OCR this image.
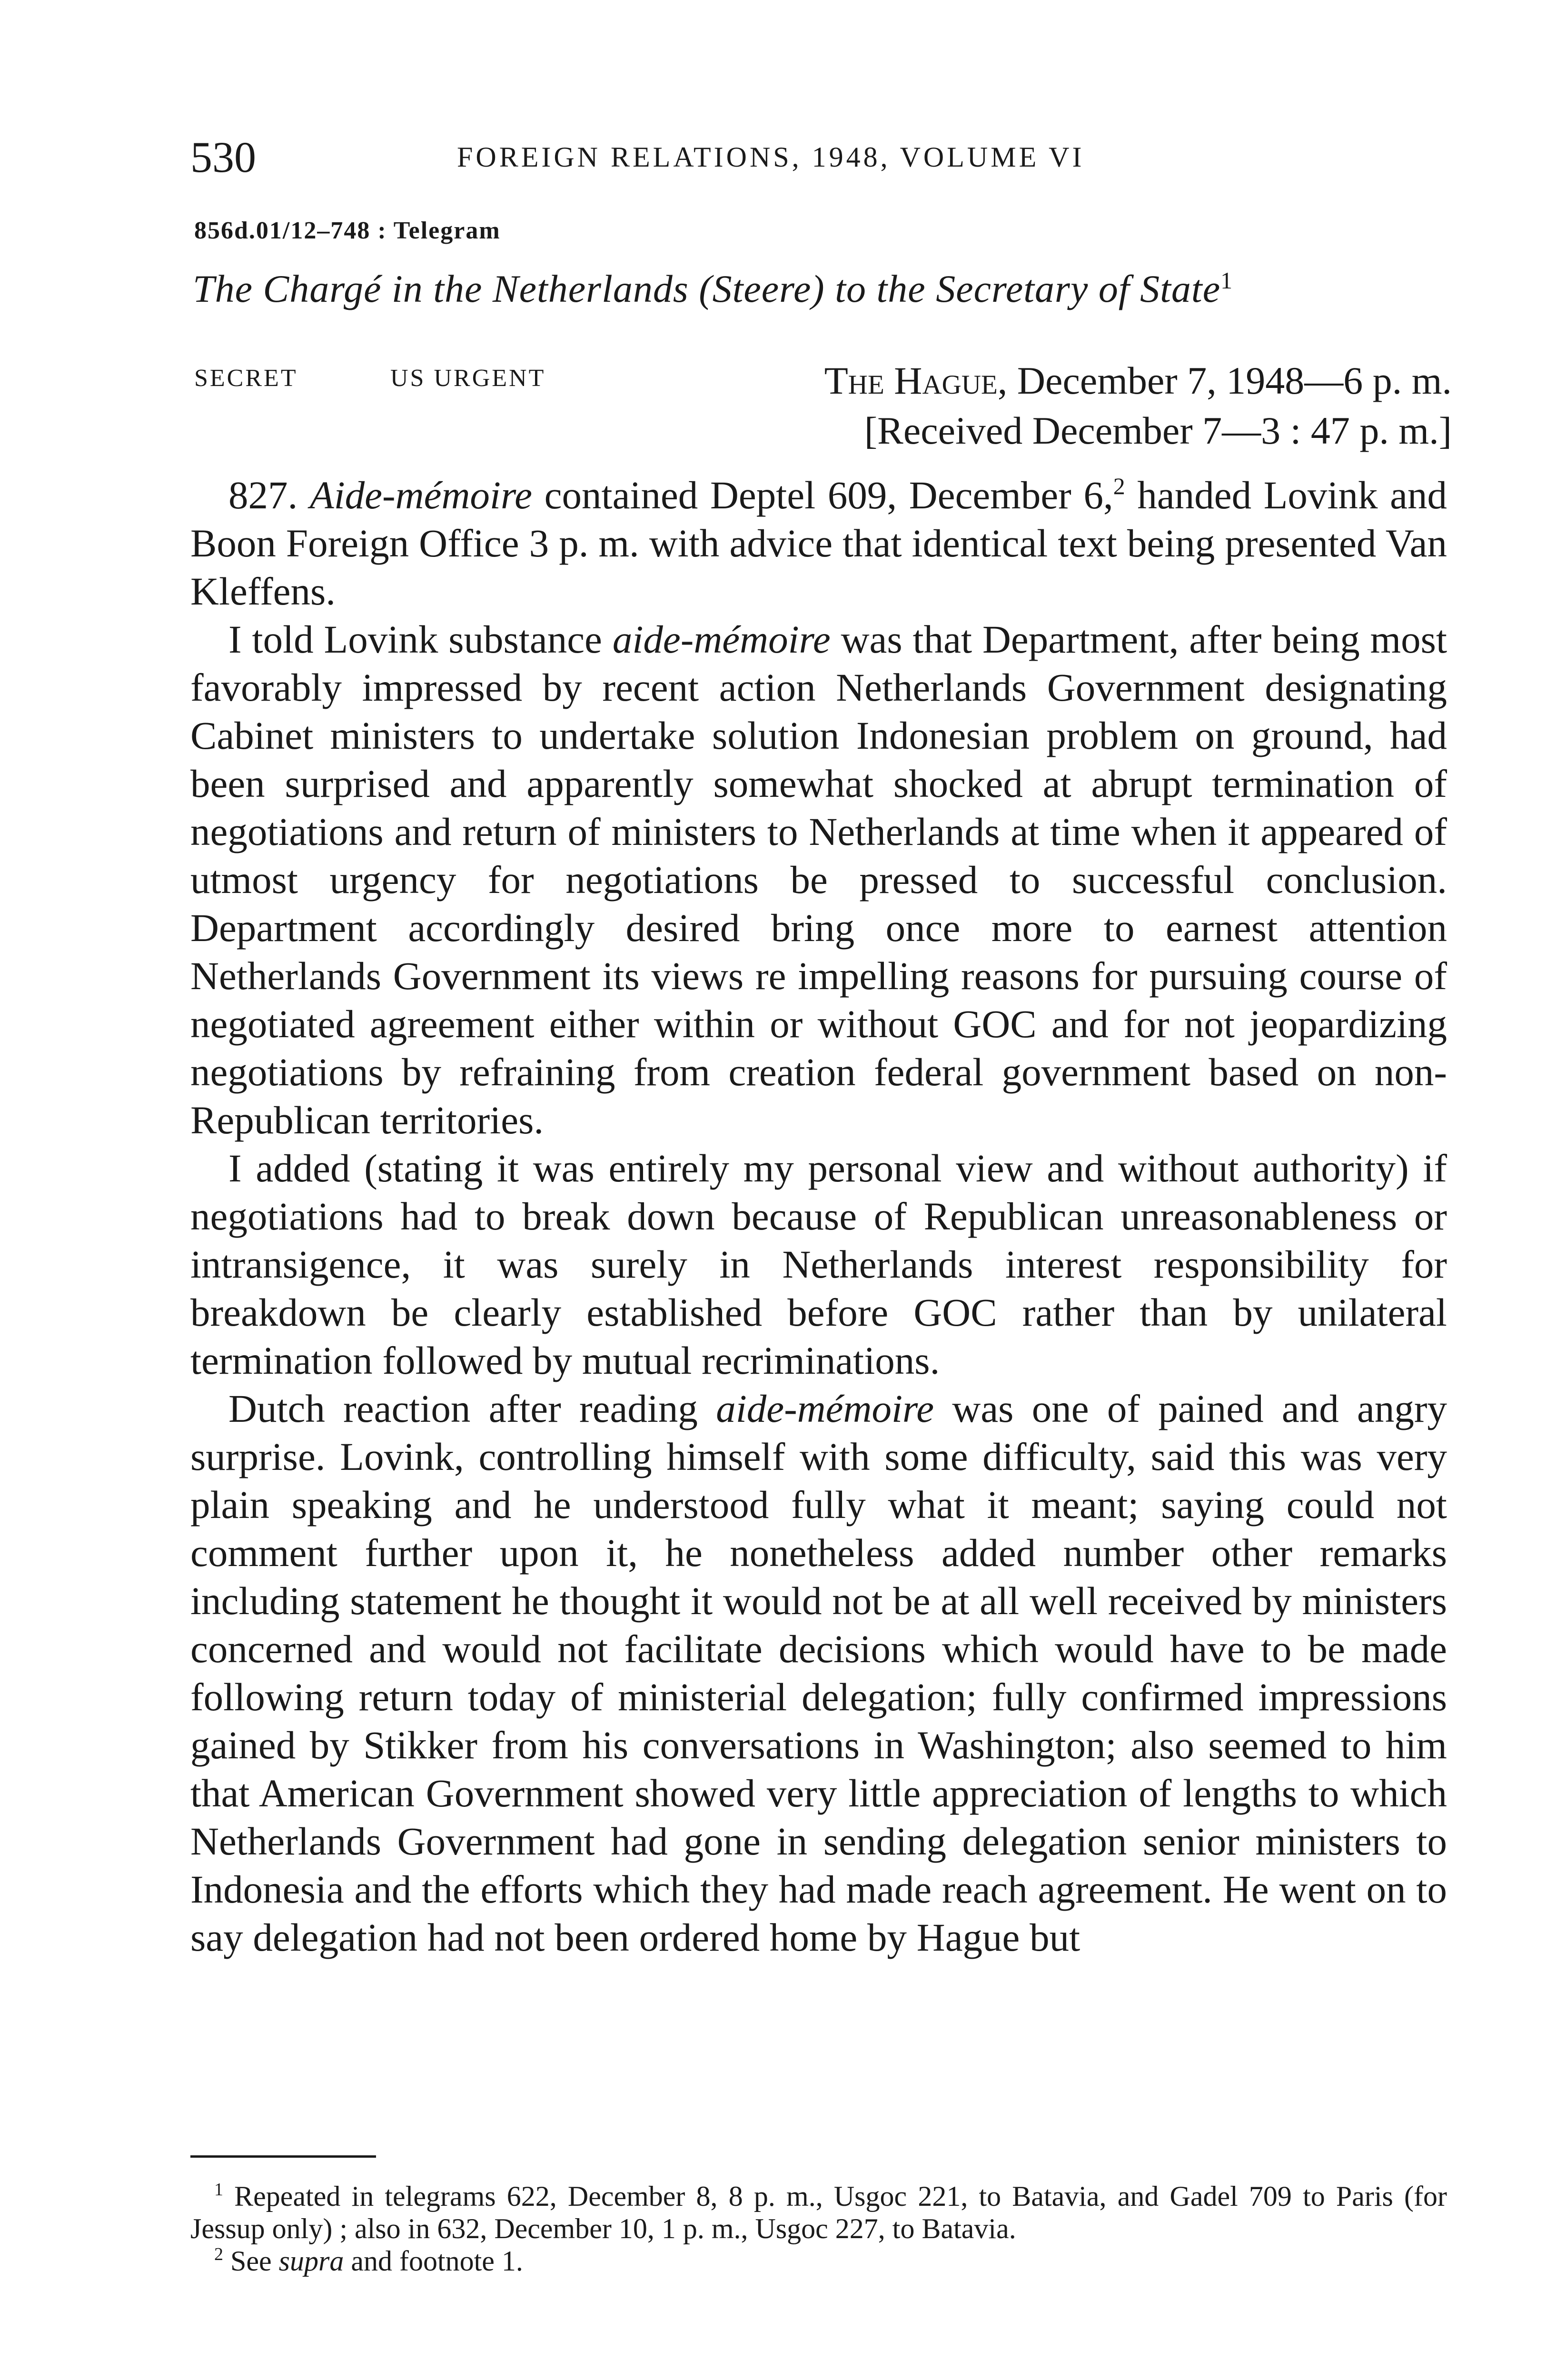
530	FOREIGN RELATIONS, 1948, VOLUME VI
856d.01/12–748 : Telegram
The Chargé in the Netherlands (Steere) to the Secretary of State$^1$
SECRET	US URGENT	The Hague, December 7, 1948—6 p. m.
[Received December 7—3 : 47 p. m.]

827. Aide-mémoire contained Deptel 609, December 6,$^2$ handed Lovink and Boon Foreign Office 3 p. m. with advice that identical text being presented Van Kleffens.

I told Lovink substance aide-mémoire was that Department, after being most favorably impressed by recent action Netherlands Government designating Cabinet ministers to undertake solution Indonesian problem on ground, had been surprised and apparently somewhat shocked at abrupt termination of negotiations and return of ministers to Netherlands at time when it appeared of utmost urgency for negotiations be pressed to successful conclusion. Department accordingly desired bring once more to earnest attention Netherlands Government its views re impelling reasons for pursuing course of negotiated agreement either within or without GOC and for not jeopardizing negotiations by refraining from creation federal government based on non-Republican territories.

I added (stating it was entirely my personal view and without authority) if negotiations had to break down because of Republican unreasonableness or intransigence, it was surely in Netherlands interest responsibility for breakdown be clearly established before GOC rather than by unilateral termination followed by mutual recriminations.

Dutch reaction after reading aide-mémoire was one of pained and angry surprise. Lovink, controlling himself with some difficulty, said this was very plain speaking and he understood fully what it meant; saying could not comment further upon it, he nonetheless added number other remarks including statement he thought it would not be at all well received by ministers concerned and would not facilitate decisions which would have to be made following return today of ministerial delegation; fully confirmed impressions gained by Stikker from his conversations in Washington; also seemed to him that American Government showed very little appreciation of lengths to which Netherlands Government had gone in sending delegation senior ministers to Indonesia and the efforts which they had made reach agreement. He went on to say delegation had not been ordered home by Hague but

$^1$ Repeated in telegrams 622, December 8, 8 p. m., Usgoc 221, to Batavia, and Gadel 709 to Paris (for Jessup only) ; also in 632, December 10, 1 p. m., Usgoc 227, to Batavia.

$^2$ See supra and footnote 1.
